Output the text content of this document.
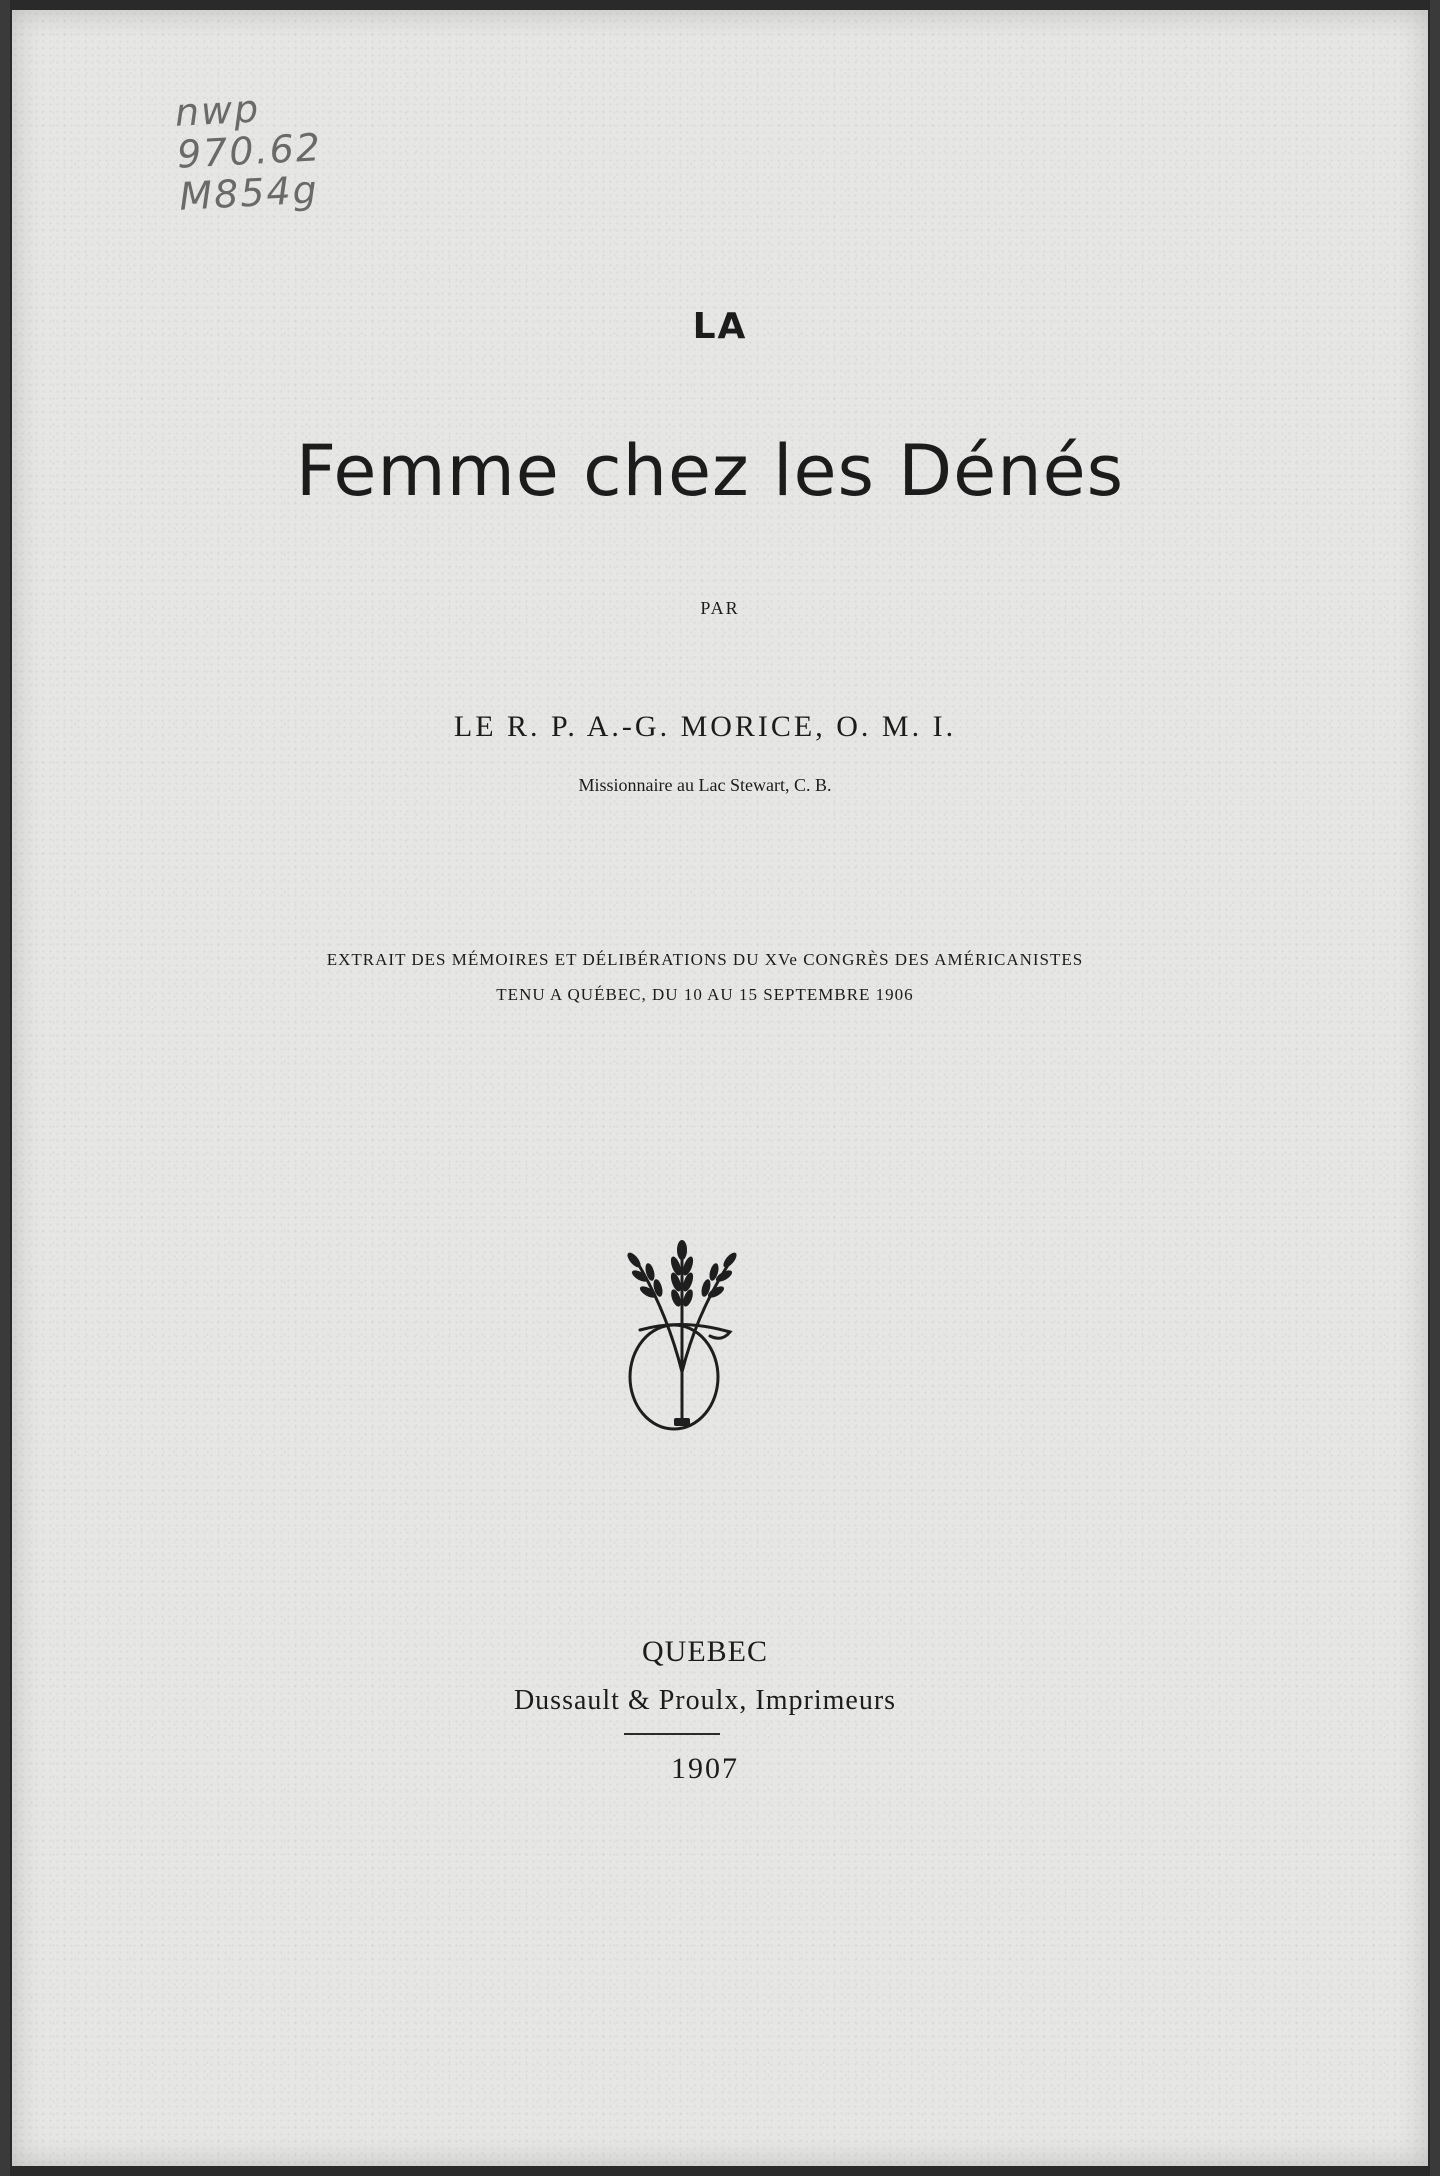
nwp
970.62
M854g
LA
Femme chez les Dénés
PAR
LE R. P. A.-G. MORICE, O. M. I.
Missionnaire au Lac Stewart, C. B.
EXTRAIT DES MÉMOIRES ET DÉLIBÉRATIONS DU XVe CONGRÈS DES AMÉRICANISTES
TENU A QUÉBEC, DU 10 AU 15 SEPTEMBRE 1906
QUEBEC
Dussault & Proulx, Imprimeurs
1907
